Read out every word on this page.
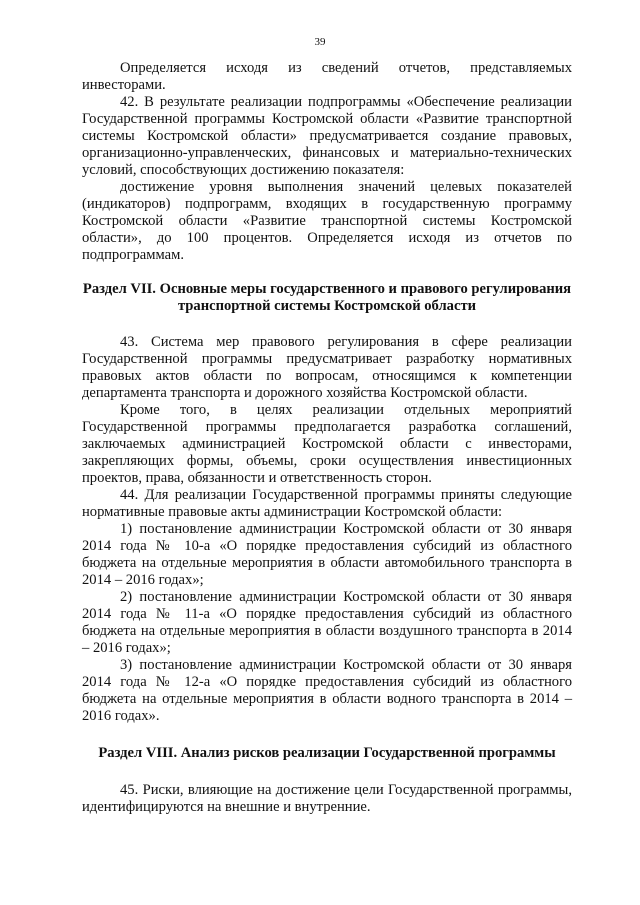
39

Определяется исходя из сведений отчетов, представляемых инвесторами.

42. В результате реализации подпрограммы «Обеспечение реализации Государственной программы Костромской области «Развитие транспортной системы Костромской области» предусматривается создание правовых, организационно-управленческих, финансовых и материально-технических условий, способствующих достижению показателя:

достижение уровня выполнения значений целевых показателей (индикаторов) подпрограмм, входящих в государственную программу Костромской области «Развитие транспортной системы Костромской области», до 100 процентов. Определяется исходя из отчетов по подпрограммам.

Раздел VII. Основные меры государственного и правового регулирования транспортной системы Костромской области

43. Система мер правового регулирования в сфере реализации Государственной программы предусматривает разработку нормативных правовых актов области по вопросам, относящимся к компетенции департамента транспорта и дорожного хозяйства Костромской области.

Кроме того, в целях реализации отдельных мероприятий Государственной программы предполагается разработка соглашений, заключаемых администрацией Костромской области с инвесторами, закрепляющих формы, объемы, сроки осуществления инвестиционных проектов, права, обязанности и ответственность сторон.

44. Для реализации Государственной программы приняты следующие нормативные правовые акты администрации Костромской области:

1) постановление администрации Костромской области от 30 января 2014 года № 10-а «О порядке предоставления субсидий из областного бюджета на отдельные мероприятия в области автомобильного транспорта в 2014 – 2016 годах»;

2) постановление администрации Костромской области от 30 января 2014 года № 11-а «О порядке предоставления субсидий из областного бюджета на отдельные мероприятия в области воздушного транспорта в 2014 – 2016 годах»;

3) постановление администрации Костромской области от 30 января 2014 года № 12-а «О порядке предоставления субсидий из областного бюджета на отдельные мероприятия в области водного транспорта в 2014 – 2016 годах».

Раздел VIII. Анализ рисков реализации Государственной программы

45. Риски, влияющие на достижение цели Государственной программы, идентифицируются на внешние и внутренние.
